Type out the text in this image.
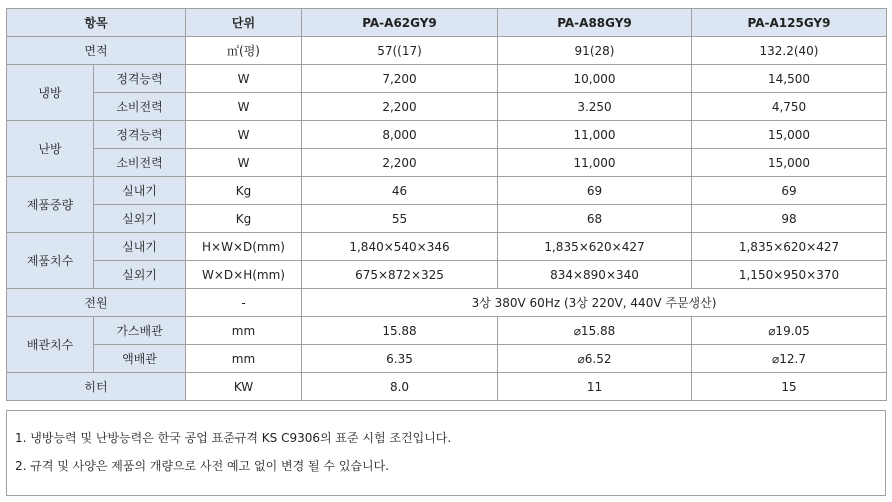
항목		단위	PA-A62GY9	PA-A88GY9	PA-A125GY9
면적		㎡(평)	57((17)	91(28)	132.2(40)
냉방	정격능력	W	7,200	10,000	14,500
	소비전력	W	2,200	3.250	4,750
난방	정격능력	W	8,000	11,000	15,000
	소비전력	W	2,200	11,000	15,000
제품중량	실내기	Kg	46	69	69
	실외기	Kg	55	68	98
제품치수	실내기	H×W×D(mm)	1,840×540×346	1,835×620×427	1,835×620×427
	실외기	W×D×H(mm)	675×872×325	834×890×340	1,150×950×370
전원		-	3상 380V 60Hz (3상 220V, 440V 주문생산)		
배관치수	가스배관	mm	15.88	⌀15.88	⌀19.05
	액배관	mm	6.35	⌀6.52	⌀12.7
히터		KW	8.0	11	15
1. 냉방능력 및 난방능력은 한국 공업 표준규격 KS C9306의 표준 시험 조건입니다.
2. 규격 및 사양은 제품의 개량으로 사전 예고 없이 변경 될 수 있습니다.
